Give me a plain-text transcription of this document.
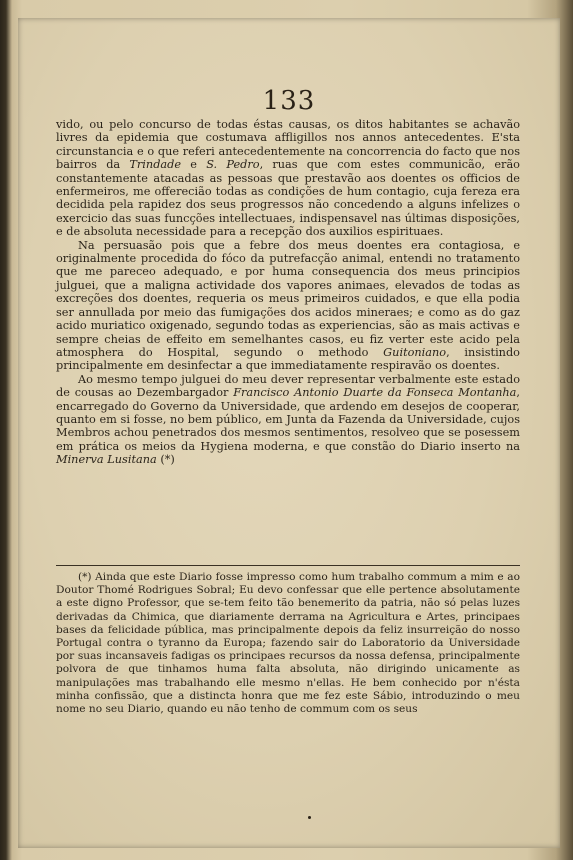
133

vido, ou pelo concurso de todas éstas causas, os ditos habitantes se achavão livres da epidemia que costumava affligillos nos annos antecedentes. E'sta circunstancia e o que referi antecedentemente na concorrencia do facto que nos bairros da Trindade e S. Pedro, ruas que com estes communicão, erão constantemente atacadas as pessoas que prestavão aos doentes os officios de enfermeiros, me offerecião todas as condições de hum contagio, cuja fereza era decidida pela rapidez dos seus progressos não concedendo a alguns infelizes o exercicio das suas funcções intellectuaes, indispensavel nas últimas disposições, e de absoluta necessidade para a recepção dos auxilios espirituaes.

Na persuasão pois que a febre dos meus doentes era contagiosa, e originalmente procedida do fóco da putrefacção animal, entendi no tratamento que me pareceo adequado, e por huma consequencia dos meus principios julguei, que a maligna actividade dos vapores animaes, elevados de todas as excreções dos doentes, requeria os meus primeiros cuidados, e que ella podia ser annullada por meio das fumigações dos acidos mineraes; e como as do gaz acido muriatico oxigenado, segundo todas as experiencias, são as mais activas e sempre cheias de effeito em semelhantes casos, eu fiz verter este acido pela atmosphera do Hospital, segundo o methodo Guitoniano, insistindo principalmente em desinfectar a que immediatamente respiravão os doentes.

Ao mesmo tempo julguei do meu dever representar verbalmente este estado de cousas ao Dezembargador Francisco Antonio Duarte da Fonseca Montanha, encarregado do Governo da Universidade, que ardendo em desejos de cooperar, quanto em si fosse, no bem público, em Junta da Fazenda da Universidade, cujos Membros achou penetrados dos mesmos sentimentos, resolveo que se posessem em prática os meios da Hygiena moderna, e que constão do Diario inserto na Minerva Lusitana (*)

(*) Ainda que este Diario fosse impresso como hum trabalho commum a mim e ao Doutor Thomé Rodrigues Sobral; Eu devo confessar que elle pertence absolutamente a este digno Professor, que se-tem feito tão benemerito da patria, não só pelas luzes derivadas da Chimica, que diariamente derrama na Agricultura e Artes, principaes bases da felicidade pública, mas principalmente depois da feliz insurreição do nosso Portugal contra o tyranno da Europa; fazendo sair do Laboratorio da Universidade por suas incansaveis fadigas os principaes recursos da nossa defensa, principalmente polvora de que tinhamos huma falta absoluta, não dirigindo unicamente as manipulações mas trabalhando elle mesmo n'ellas. He bem conhecido por n'ésta minha confissão, que a distincta honra que me fez este Sábio, introduzindo o meu nome no seu Diario, quando eu não tenho de commum com os seus
